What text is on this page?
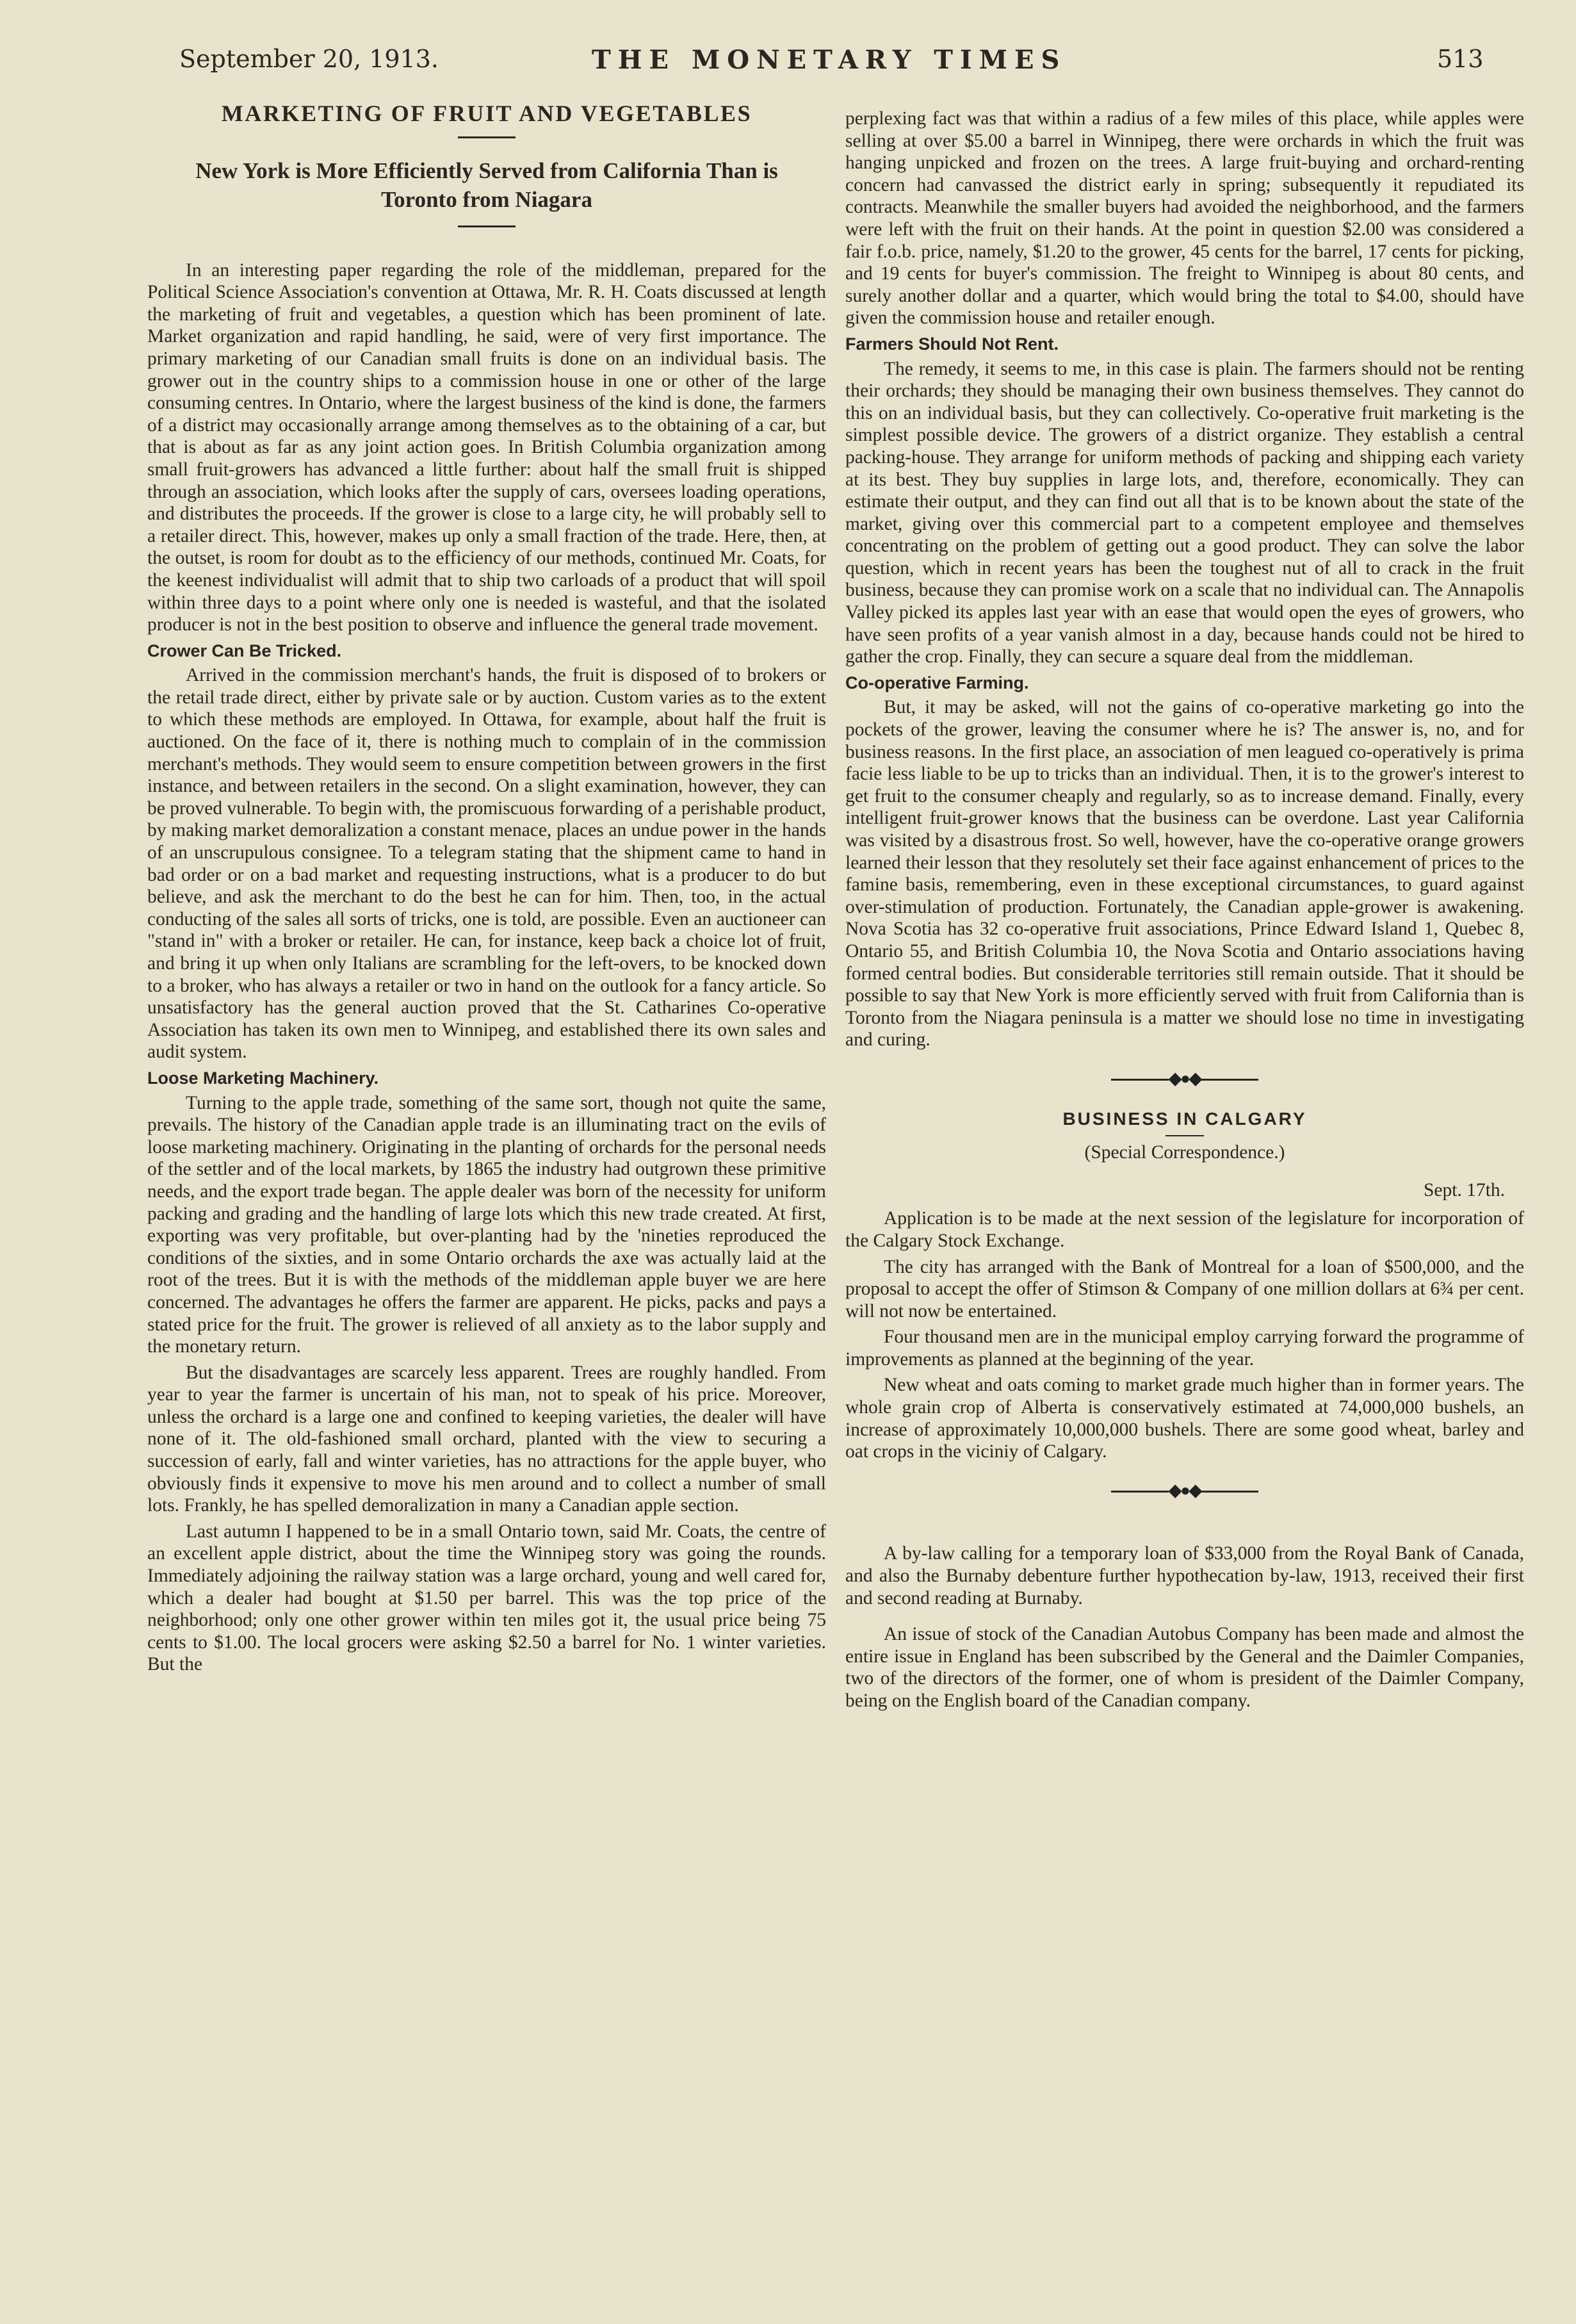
September 20, 1913.	THE MONETARY TIMES	513
MARKETING OF FRUIT AND VEGETABLES
New York is More Efficiently Served from California Than is Toronto from Niagara

In an interesting paper regarding the role of the middleman, prepared for the Political Science Association's convention at Ottawa, Mr. R. H. Coats discussed at length the marketing of fruit and vegetables, a question which has been prominent of late. Market organization and rapid handling, he said, were of very first importance. The primary marketing of our Canadian small fruits is done on an individual basis. The grower out in the country ships to a commission house in one or other of the large consuming centres. In Ontario, where the largest business of the kind is done, the farmers of a district may occasionally arrange among themselves as to the obtaining of a car, but that is about as far as any joint action goes. In British Columbia organization among small fruit-growers has advanced a little further: about half the small fruit is shipped through an association, which looks after the supply of cars, oversees loading operations, and distributes the proceeds. If the grower is close to a large city, he will probably sell to a retailer direct. This, however, makes up only a small fraction of the trade. Here, then, at the outset, is room for doubt as to the efficiency of our methods, continued Mr. Coats, for the keenest individualist will admit that to ship two carloads of a product that will spoil within three days to a point where only one is needed is wasteful, and that the isolated producer is not in the best position to observe and influence the general trade movement.

Crower Can Be Tricked.

Arrived in the commission merchant's hands, the fruit is disposed of to brokers or the retail trade direct, either by private sale or by auction. Custom varies as to the extent to which these methods are employed. In Ottawa, for example, about half the fruit is auctioned. On the face of it, there is nothing much to complain of in the commission merchant's methods. They would seem to ensure competition between growers in the first instance, and between retailers in the second. On a slight examination, however, they can be proved vulnerable. To begin with, the promiscuous forwarding of a perishable product, by making market demoralization a constant menace, places an undue power in the hands of an unscrupulous consignee. To a telegram stating that the shipment came to hand in bad order or on a bad market and requesting instructions, what is a producer to do but believe, and ask the merchant to do the best he can for him. Then, too, in the actual conducting of the sales all sorts of tricks, one is told, are possible. Even an auctioneer can "stand in" with a broker or retailer. He can, for instance, keep back a choice lot of fruit, and bring it up when only Italians are scrambling for the left-overs, to be knocked down to a broker, who has always a retailer or two in hand on the outlook for a fancy article. So unsatisfactory has the general auction proved that the St. Catharines Co-operative Association has taken its own men to Winnipeg, and established there its own sales and audit system.

Loose Marketing Machinery.

Turning to the apple trade, something of the same sort, though not quite the same, prevails. The history of the Canadian apple trade is an illuminating tract on the evils of loose marketing machinery. Originating in the planting of orchards for the personal needs of the settler and of the local markets, by 1865 the industry had outgrown these primitive needs, and the export trade began. The apple dealer was born of the necessity for uniform packing and grading and the handling of large lots which this new trade created. At first, exporting was very profitable, but over-planting had by the 'nineties reproduced the conditions of the sixties, and in some Ontario orchards the axe was actually laid at the root of the trees. But it is with the methods of the middleman apple buyer we are here concerned. The advantages he offers the farmer are apparent. He picks, packs and pays a stated price for the fruit. The grower is relieved of all anxiety as to the labor supply and the monetary return.

But the disadvantages are scarcely less apparent. Trees are roughly handled. From year to year the farmer is uncertain of his man, not to speak of his price. Moreover, unless the orchard is a large one and confined to keeping varieties, the dealer will have none of it. The old-fashioned small orchard, planted with the view to securing a succession of early, fall and winter varieties, has no attractions for the apple buyer, who obviously finds it expensive to move his men around and to collect a number of small lots. Frankly, he has spelled demoralization in many a Canadian apple section.

Last autumn I happened to be in a small Ontario town, said Mr. Coats, the centre of an excellent apple district, about the time the Winnipeg story was going the rounds. Immediately adjoining the railway station was a large orchard, young and well cared for, which a dealer had bought at $1.50 per barrel. This was the top price of the neighborhood; only one other grower within ten miles got it, the usual price being 75 cents to $1.00. The local grocers were asking $2.50 a barrel for No. 1 winter varieties. But the

perplexing fact was that within a radius of a few miles of this place, while apples were selling at over $5.00 a barrel in Winnipeg, there were orchards in which the fruit was hanging unpicked and frozen on the trees. A large fruit-buying and orchard-renting concern had canvassed the district early in spring; subsequently it repudiated its contracts. Meanwhile the smaller buyers had avoided the neighborhood, and the farmers were left with the fruit on their hands. At the point in question $2.00 was considered a fair f.o.b. price, namely, $1.20 to the grower, 45 cents for the barrel, 17 cents for picking, and 19 cents for buyer's commission. The freight to Winnipeg is about 80 cents, and surely another dollar and a quarter, which would bring the total to $4.00, should have given the commission house and retailer enough.

Farmers Should Not Rent.

The remedy, it seems to me, in this case is plain. The farmers should not be renting their orchards; they should be managing their own business themselves. They cannot do this on an individual basis, but they can collectively. Co-operative fruit marketing is the simplest possible device. The growers of a district organize. They establish a central packing-house. They arrange for uniform methods of packing and shipping each variety at its best. They buy supplies in large lots, and, therefore, economically. They can estimate their output, and they can find out all that is to be known about the state of the market, giving over this commercial part to a competent employee and themselves concentrating on the problem of getting out a good product. They can solve the labor question, which in recent years has been the toughest nut of all to crack in the fruit business, because they can promise work on a scale that no individual can. The Annapolis Valley picked its apples last year with an ease that would open the eyes of growers, who have seen profits of a year vanish almost in a day, because hands could not be hired to gather the crop. Finally, they can secure a square deal from the middleman.

Co-operative Farming.

But, it may be asked, will not the gains of co-operative marketing go into the pockets of the grower, leaving the consumer where he is? The answer is, no, and for business reasons. In the first place, an association of men leagued co-operatively is prima facie less liable to be up to tricks than an individual. Then, it is to the grower's interest to get fruit to the consumer cheaply and regularly, so as to increase demand. Finally, every intelligent fruit-grower knows that the business can be overdone. Last year California was visited by a disastrous frost. So well, however, have the co-operative orange growers learned their lesson that they resolutely set their face against enhancement of prices to the famine basis, remembering, even in these exceptional circumstances, to guard against over-stimulation of production. Fortunately, the Canadian apple-grower is awakening. Nova Scotia has 32 co-operative fruit associations, Prince Edward Island 1, Quebec 8, Ontario 55, and British Columbia 10, the Nova Scotia and Ontario associations having formed central bodies. But considerable territories still remain outside. That it should be possible to say that New York is more efficiently served with fruit from California than is Toronto from the Niagara peninsula is a matter we should lose no time in investigating and curing.

◆●◆
BUSINESS IN CALGARY
(Special Correspondence.)
Sept. 17th.

Application is to be made at the next session of the legislature for incorporation of the Calgary Stock Exchange.

The city has arranged with the Bank of Montreal for a loan of $500,000, and the proposal to accept the offer of Stimson & Company of one million dollars at 6¾ per cent. will not now be entertained.

Four thousand men are in the municipal employ carrying forward the programme of improvements as planned at the beginning of the year.

New wheat and oats coming to market grade much higher than in former years. The whole grain crop of Alberta is conservatively estimated at 74,000,000 bushels, an increase of approximately 10,000,000 bushels. There are some good wheat, barley and oat crops in the viciniy of Calgary.

◆●◆

A by-law calling for a temporary loan of $33,000 from the Royal Bank of Canada, and also the Burnaby debenture further hypothecation by-law, 1913, received their first and second reading at Burnaby.

An issue of stock of the Canadian Autobus Company has been made and almost the entire issue in England has been subscribed by the General and the Daimler Companies, two of the directors of the former, one of whom is president of the Daimler Company, being on the English board of the Canadian company.
